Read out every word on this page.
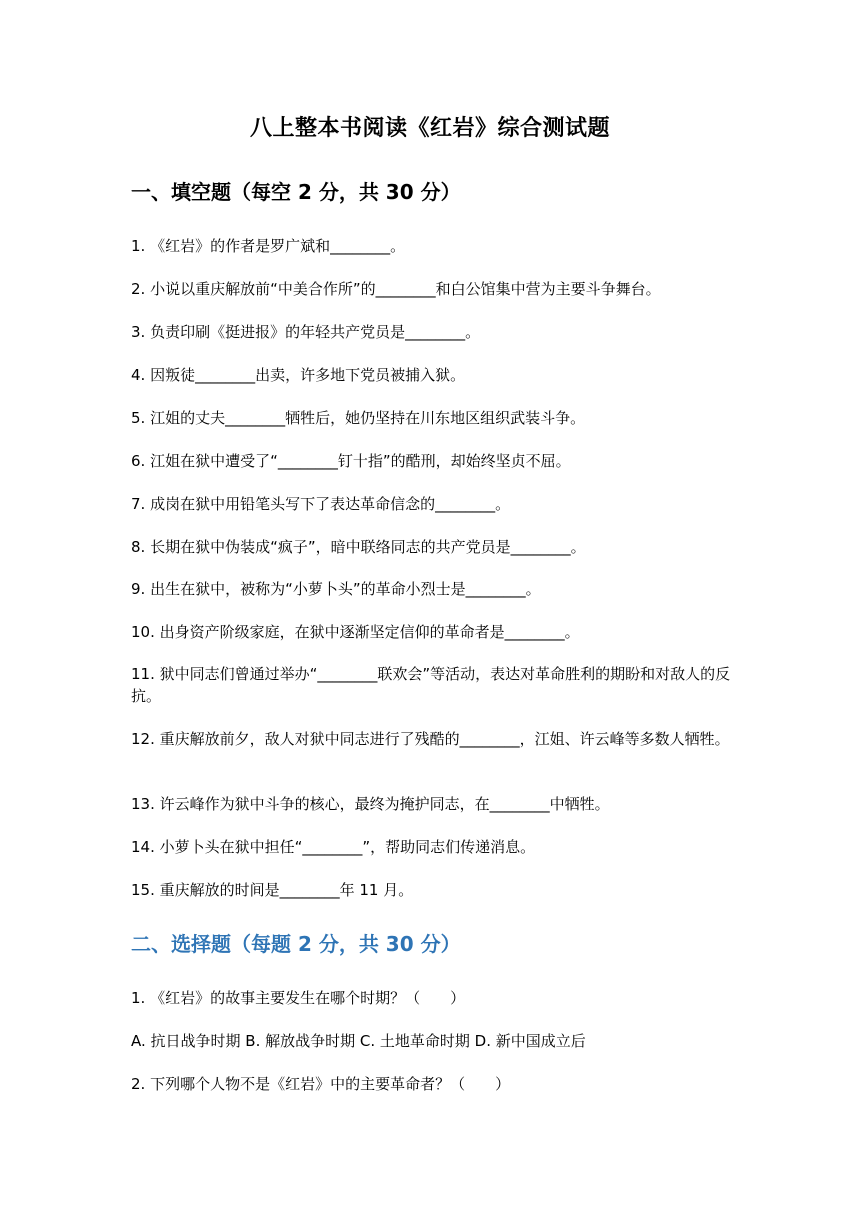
八上整本书阅读《红岩》综合测试题
一、填空题（每空 2 分，共 30 分）
1. 《红岩》的作者是罗广斌和________。
2. 小说以重庆解放前“中美合作所”的________和白公馆集中营为主要斗争舞台。
3. 负责印刷《挺进报》的年轻共产党员是________。
4. 因叛徒________出卖，许多地下党员被捕入狱。
5. 江姐的丈夫________牺牲后，她仍坚持在川东地区组织武装斗争。
6. 江姐在狱中遭受了“________钉十指”的酷刑，却始终坚贞不屈。
7. 成岗在狱中用铅笔头写下了表达革命信念的________。
8. 长期在狱中伪装成“疯子”，暗中联络同志的共产党员是________。
9. 出生在狱中，被称为“小萝卜头”的革命小烈士是________。
10. 出身资产阶级家庭，在狱中逐渐坚定信仰的革命者是________。
11. 狱中同志们曾通过举办“________联欢会”等活动，表达对革命胜利的期盼和对敌人的反抗。
12. 重庆解放前夕，敌人对狱中同志进行了残酷的________，江姐、许云峰等多数人牺牲。
13. 许云峰作为狱中斗争的核心，最终为掩护同志，在________中牺牲。
14. 小萝卜头在狱中担任“________”，帮助同志们传递消息。
15. 重庆解放的时间是________年 11 月。
二、选择题（每题 2 分，共 30 分）
1. 《红岩》的故事主要发生在哪个时期？（　　）
A. 抗日战争时期 B. 解放战争时期 C. 土地革命时期 D. 新中国成立后
2. 下列哪个人物不是《红岩》中的主要革命者？（　　）
